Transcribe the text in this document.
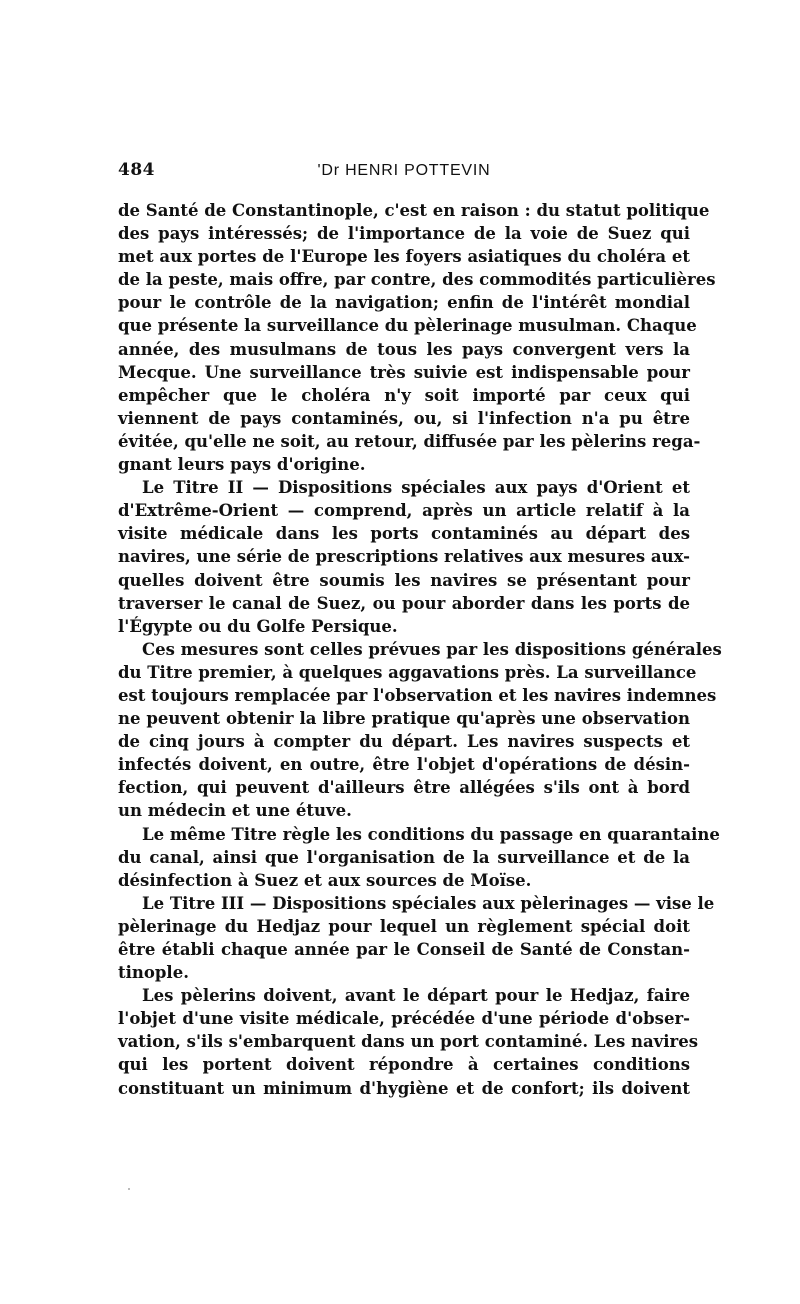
484	'Dr HENRI POTTEVIN
de Santé de Constantinople, c'est en raison : du statut politique
des pays intéressés; de l'importance de la voie de Suez qui
met aux portes de l'Europe les foyers asiatiques du choléra et
de la peste, mais offre, par contre, des commodités particulières
pour le contrôle de la navigation; enfin de l'intérêt mondial
que présente la surveillance du pèlerinage musulman. Chaque
année, des musulmans de tous les pays convergent vers la
Mecque. Une surveillance très suivie est indispensable pour
empêcher que le choléra n'y soit importé par ceux qui
viennent de pays contaminés, ou, si l'infection n'a pu être
évitée, qu'elle ne soit, au retour, diffusée par les pèlerins rega-
gnant leurs pays d'origine.
Le Titre II — Dispositions spéciales aux pays d'Orient et
d'Extrême-Orient — comprend, après un article relatif à la
visite médicale dans les ports contaminés au départ des
navires, une série de prescriptions relatives aux mesures aux-
quelles doivent être soumis les navires se présentant pour
traverser le canal de Suez, ou pour aborder dans les ports de
l'Égypte ou du Golfe Persique.
Ces mesures sont celles prévues par les dispositions générales
du Titre premier, à quelques aggavations près. La surveillance
est toujours remplacée par l'observation et les navires indemnes
ne peuvent obtenir la libre pratique qu'après une observation
de cinq jours à compter du départ. Les navires suspects et
infectés doivent, en outre, être l'objet d'opérations de désin-
fection, qui peuvent d'ailleurs être allégées s'ils ont à bord
un médecin et une étuve.
Le même Titre règle les conditions du passage en quarantaine
du canal, ainsi que l'organisation de la surveillance et de la
désinfection à Suez et aux sources de Moïse.
Le Titre III — Dispositions spéciales aux pèlerinages — vise le
pèlerinage du Hedjaz pour lequel un règlement spécial doit
être établi chaque année par le Conseil de Santé de Constan-
tinople.
Les pèlerins doivent, avant le départ pour le Hedjaz, faire
l'objet d'une visite médicale, précédée d'une période d'obser-
vation, s'ils s'embarquent dans un port contaminé. Les navires
qui les portent doivent répondre à certaines conditions
constituant un minimum d'hygiène et de confort; ils doivent
